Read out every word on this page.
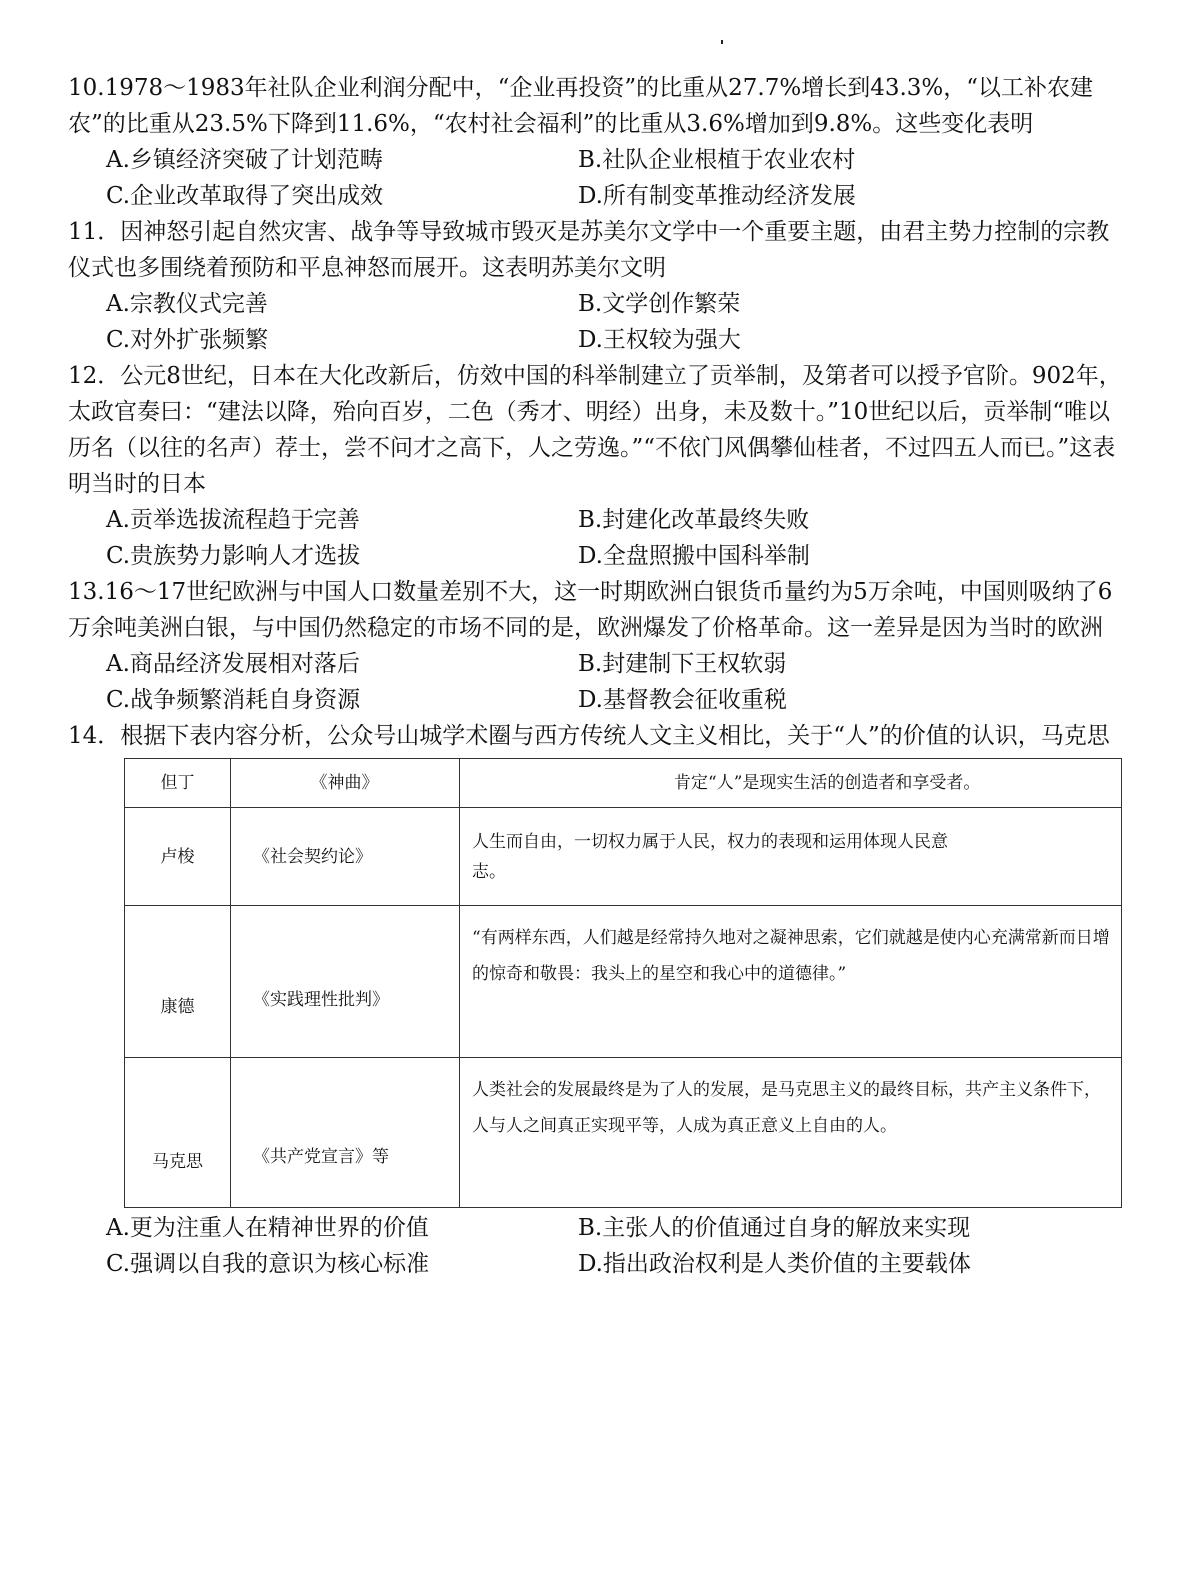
10.1978～1983年社队企业利润分配中，“企业再投资”的比重从27.7%增长到43.3%，“以工补农建农”的比重从23.5%下降到11.6%，“农村社会福利”的比重从3.6%增加到9.8%。这些变化表明

A.乡镇经济突破了计划范畴	B.社队企业根植于农业农村
C.企业改革取得了突出成效	D.所有制变革推动经济发展

11．因神怒引起自然灾害、战争等导致城市毁灭是苏美尔文学中一个重要主题，由君主势力控制的宗教仪式也多围绕着预防和平息神怒而展开。这表明苏美尔文明

A.宗教仪式完善	B.文学创作繁荣
C.对外扩张频繁	D.王权较为强大

12．公元8世纪，日本在大化改新后，仿效中国的科举制建立了贡举制，及第者可以授予官阶。902年，太政官奏曰：“建法以降，殆向百岁，二色（秀才、明经）出身，未及数十。”10世纪以后，贡举制“唯以历名（以往的名声）荐士，尝不问才之高下，人之劳逸。”“不依门风偶攀仙桂者，不过四五人而已。”这表明当时的日本

A.贡举选拔流程趋于完善	B.封建化改革最终失败
C.贵族势力影响人才选拔	D.全盘照搬中国科举制

13.16～17世纪欧洲与中国人口数量差别不大，这一时期欧洲白银货币量约为5万余吨，中国则吸纳了6万余吨美洲白银，与中国仍然稳定的市场不同的是，欧洲爆发了价格革命。这一差异是因为当时的欧洲

A.商品经济发展相对落后	B.封建制下王权软弱
C.战争频繁消耗自身资源	D.基督教会征收重税

14．根据下表内容分析，公众号山城学术圈与西方传统人文主义相比，关于“人”的价值的认识，马克思

但丁	《神曲》	肯定“人”是现实生活的创造者和享受者。
卢梭	《社会契约论》	人生而自由，一切权力属于人民，权力的表现和运用体现人民意志。
康德	《实践理性批判》	“有两样东西，人们越是经常持久地对之凝神思索，它们就越是使内心充满常新而日增的惊奇和敬畏：我头上的星空和我心中的道德律。”
马克思	《共产党宣言》等	人类社会的发展最终是为了人的发展，是马克思主义的最终目标，共产主义条件下，人与人之间真正实现平等，人成为真正意义上自由的人。
A.更为注重人在精神世界的价值	B.主张人的价值通过自身的解放来实现
C.强调以自我的意识为核心标准	D.指出政治权利是人类价值的主要载体
